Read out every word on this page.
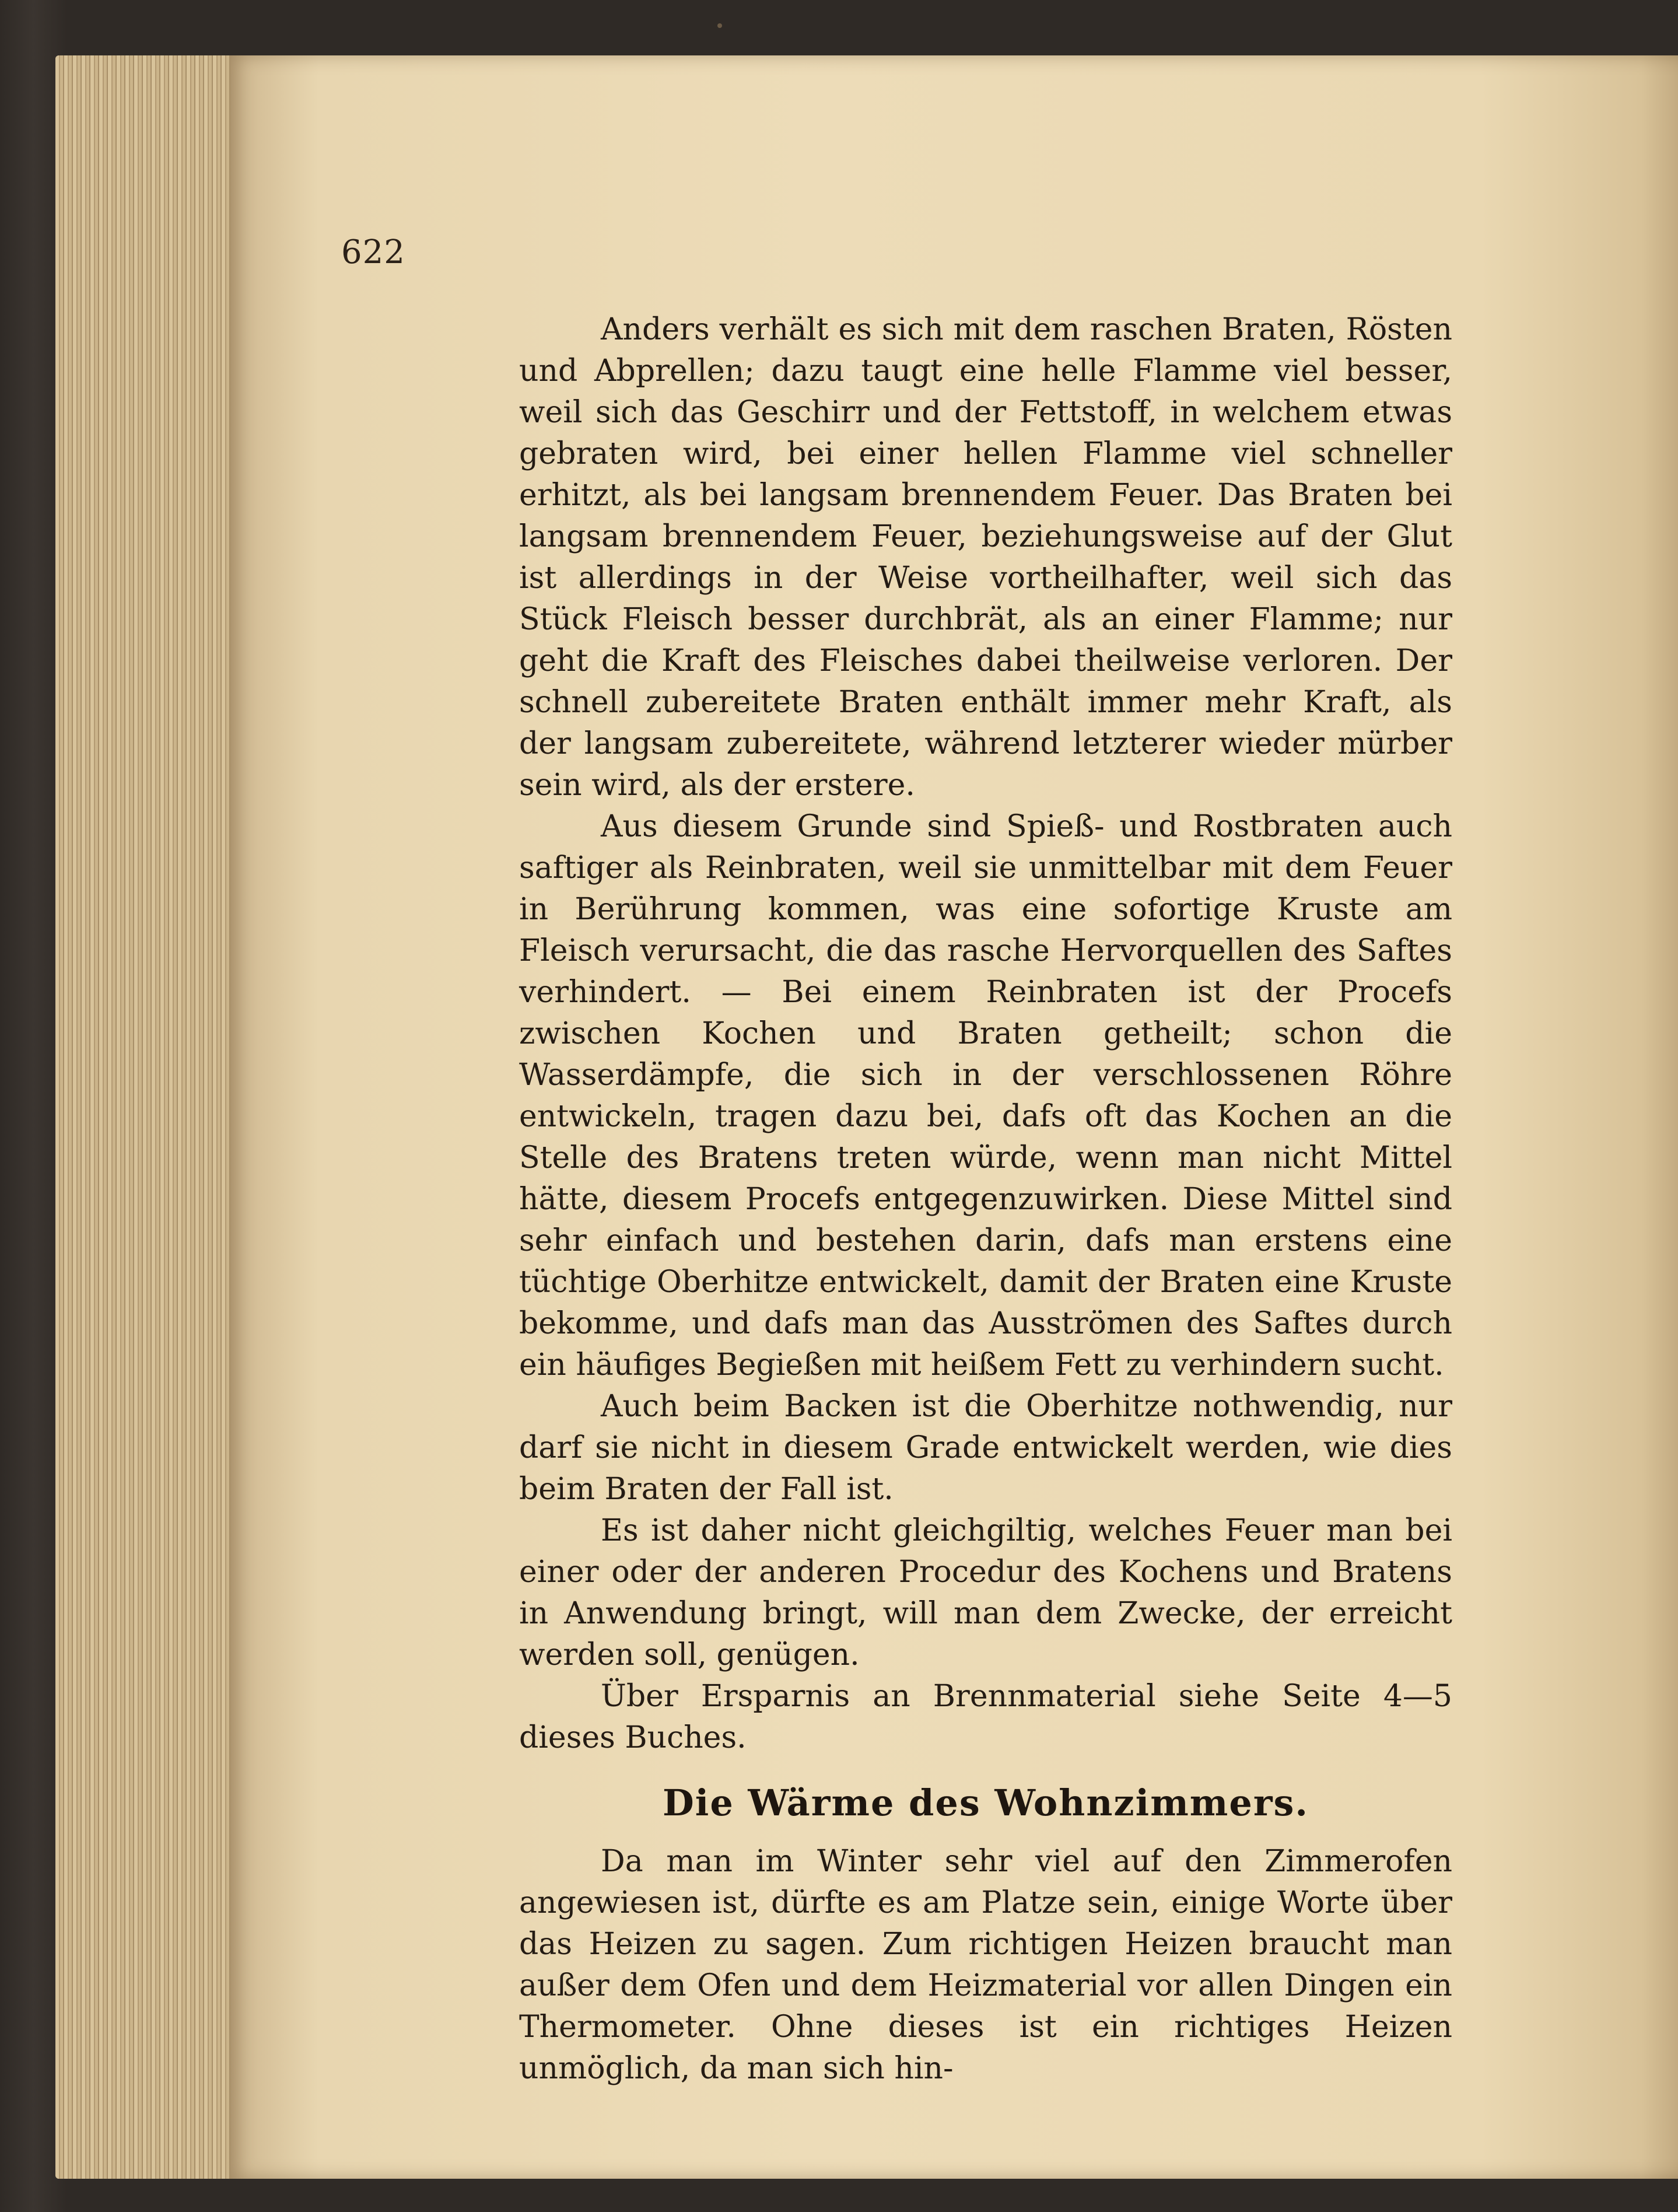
622

Anders verhält es sich mit dem raschen Braten, Rösten und Abprellen; dazu taugt eine helle Flamme viel besser, weil sich das Geschirr und der Fettstoff, in welchem etwas gebraten wird, bei einer hellen Flamme viel schneller erhitzt, als bei langsam brennendem Feuer. Das Braten bei langsam brennendem Feuer, beziehungsweise auf der Glut ist allerdings in der Weise vortheilhafter, weil sich das Stück Fleisch besser durchbrät, als an einer Flamme; nur geht die Kraft des Fleisches dabei theilweise verloren. Der schnell zubereitete Braten enthält immer mehr Kraft, als der langsam zubereitete, während letzterer wieder mürber sein wird, als der erstere.

Aus diesem Grunde sind Spieß- und Rostbraten auch saftiger als Reinbraten, weil sie unmittelbar mit dem Feuer in Berührung kommen, was eine sofortige Kruste am Fleisch verursacht, die das rasche Hervorquellen des Saftes verhindert. — Bei einem Reinbraten ist der Procefs zwischen Kochen und Braten getheilt; schon die Wasserdämpfe, die sich in der verschlossenen Röhre entwickeln, tragen dazu bei, dafs oft das Kochen an die Stelle des Bratens treten würde, wenn man nicht Mittel hätte, diesem Procefs entgegenzuwirken. Diese Mittel sind sehr einfach und bestehen darin, dafs man erstens eine tüchtige Oberhitze entwickelt, damit der Braten eine Kruste bekomme, und dafs man das Ausströmen des Saftes durch ein häufiges Begießen mit heißem Fett zu verhindern sucht.

Auch beim Backen ist die Oberhitze nothwendig, nur darf sie nicht in diesem Grade entwickelt werden, wie dies beim Braten der Fall ist.

Es ist daher nicht gleichgiltig, welches Feuer man bei einer oder der anderen Procedur des Kochens und Bratens in Anwendung bringt, will man dem Zwecke, der erreicht werden soll, genügen.

Über Ersparnis an Brennmaterial siehe Seite 4—5 dieses Buches.

Die Wärme des Wohnzimmers.

Da man im Winter sehr viel auf den Zimmerofen angewiesen ist, dürfte es am Platze sein, einige Worte über das Heizen zu sagen. Zum richtigen Heizen braucht man außer dem Ofen und dem Heizmaterial vor allen Dingen ein Thermometer. Ohne dieses ist ein richtiges Heizen unmöglich, da man sich hin-
